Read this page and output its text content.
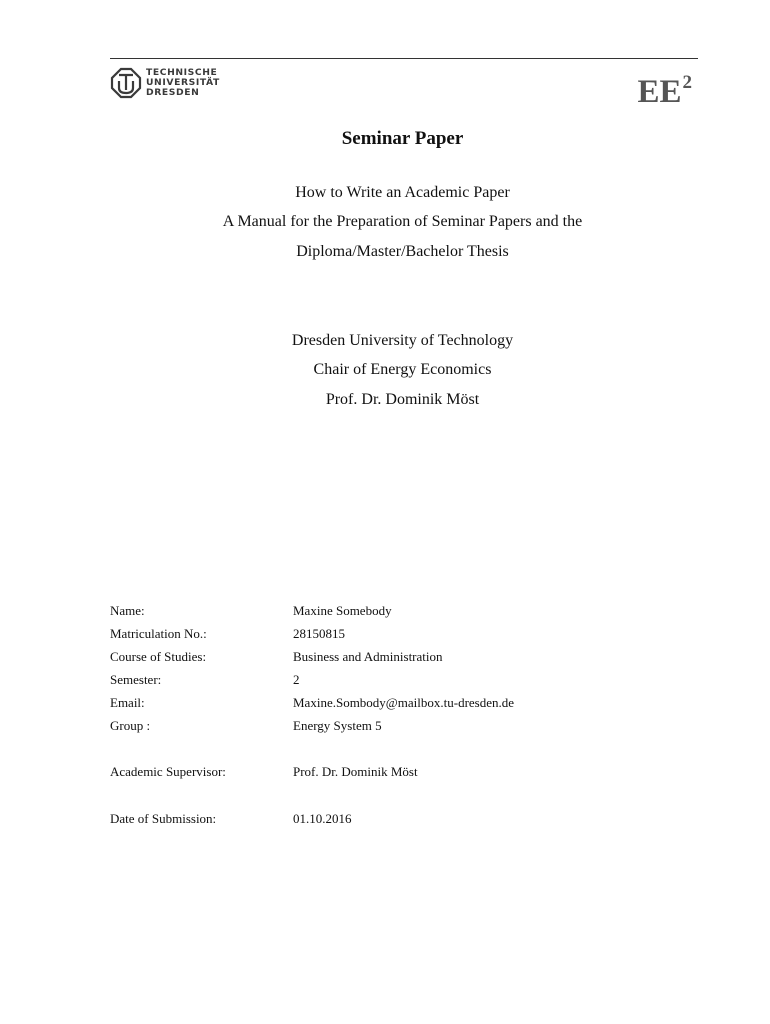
TECHNISCHE
UNIVERSITÄT
DRESDEN	$EE^2$
Seminar Paper
How to Write an Academic Paper
A Manual for the Preparation of Seminar Papers and the
Diploma/Master/Bachelor Thesis
Dresden University of Technology
Chair of Energy Economics
Prof. Dr. Dominik Möst
Name:	Maxine Somebody
Matriculation No.:	28150815
Course of Studies:	Business and Administration
Semester:	2
Email:	Maxine.Sombody@mailbox.tu-dresden.de
Group :	Energy System 5
Academic Supervisor:	Prof. Dr. Dominik Möst
Date of Submission:	01.10.2016
